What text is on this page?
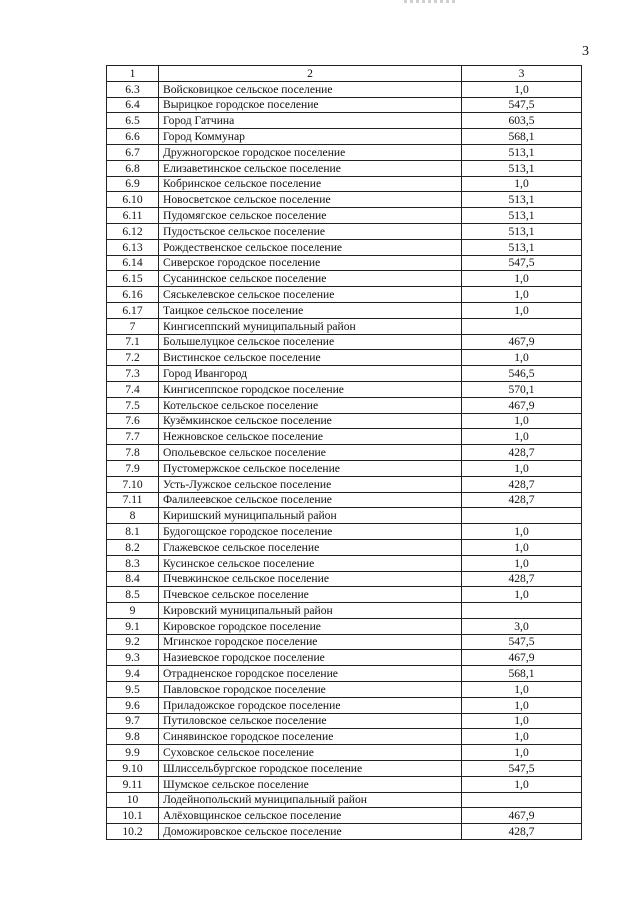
3
1	2	3
6.3	Войсковицкое сельское поселение	1,0
6.4	Вырицкое городское поселение	547,5
6.5	Город Гатчина	603,5
6.6	Город Коммунар	568,1
6.7	Дружногорское городское поселение	513,1
6.8	Елизаветинское сельское поселение	513,1
6.9	Кобринское сельское поселение	1,0
6.10	Новосветское сельское поселение	513,1
6.11	Пудомягское сельское поселение	513,1
6.12	Пудостьское сельское поселение	513,1
6.13	Рождественское сельское поселение	513,1
6.14	Сиверское городское поселение	547,5
6.15	Сусанинское сельское поселение	1,0
6.16	Сяськелевское сельское поселение	1,0
6.17	Таицкое сельское поселение	1,0
7	Кингисеппский муниципальный район	
7.1	Большелуцкое сельское поселение	467,9
7.2	Вистинское сельское поселение	1,0
7.3	Город Ивангород	546,5
7.4	Кингисеппское городское поселение	570,1
7.5	Котельское сельское поселение	467,9
7.6	Кузёмкинское сельское поселение	1,0
7.7	Нежновское сельское поселение	1,0
7.8	Опольевское сельское поселение	428,7
7.9	Пустомержское сельское поселение	1,0
7.10	Усть-Лужское сельское поселение	428,7
7.11	Фалилеевское сельское поселение	428,7
8	Киришский муниципальный район	
8.1	Будогощское городское поселение	1,0
8.2	Глажевское сельское поселение	1,0
8.3	Кусинское сельское поселение	1,0
8.4	Пчевжинское сельское поселение	428,7
8.5	Пчевское сельское поселение	1,0
9	Кировский муниципальный район	
9.1	Кировское городское поселение	3,0
9.2	Мгинское городское поселение	547,5
9.3	Назиевское городское поселение	467,9
9.4	Отрадненское городское поселение	568,1
9.5	Павловское городское поселение	1,0
9.6	Приладожское городское поселение	1,0
9.7	Путиловское сельское поселение	1,0
9.8	Синявинское городское поселение	1,0
9.9	Суховское сельское поселение	1,0
9.10	Шлиссельбургское городское поселение	547,5
9.11	Шумское сельское поселение	1,0
10	Лодейнопольский муниципальный район	
10.1	Алёховщинское сельское поселение	467,9
10.2	Доможировское сельское поселение	428,7
